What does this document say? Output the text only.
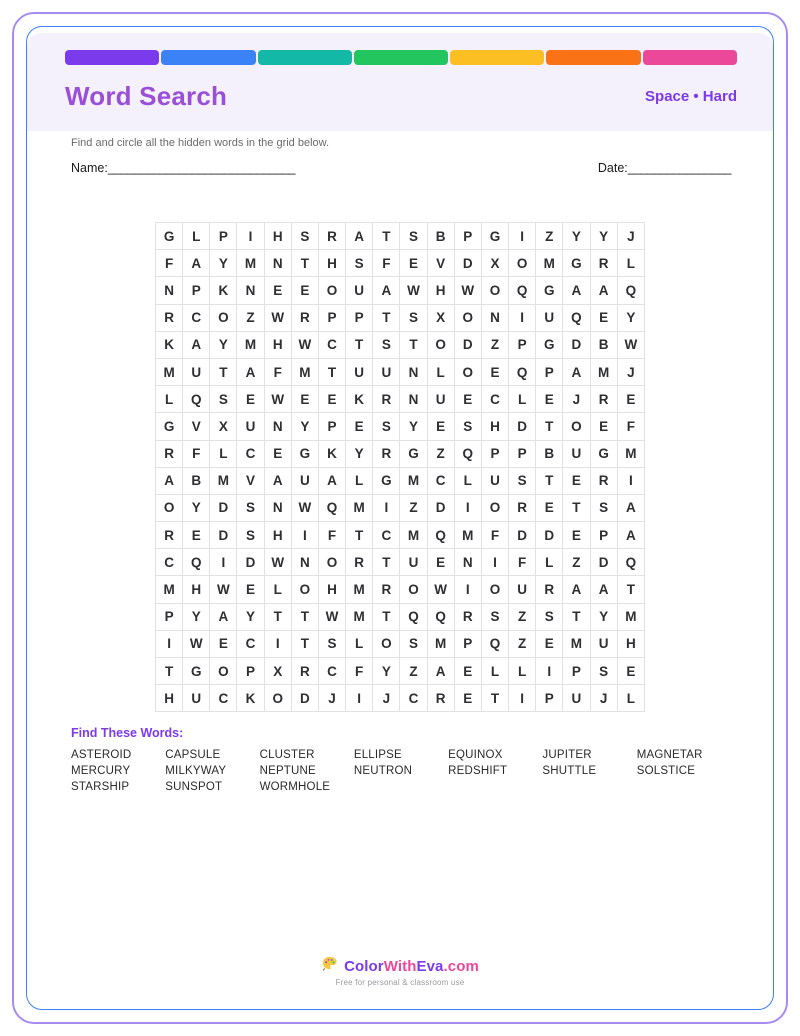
Word Search	Space • Hard
Find and circle all the hidden words in the grid below.
Name:_____________________________	Date:________________
G	L	P	I	H	S	R	A	T	S	B	P	G	I	Z	Y	Y	J
F	A	Y	M	N	T	H	S	F	E	V	D	X	O	M	G	R	L
N	P	K	N	E	E	O	U	A	W	H	W	O	Q	G	A	A	Q
R	C	O	Z	W	R	P	P	T	S	X	O	N	I	U	Q	E	Y
K	A	Y	M	H	W	C	T	S	T	O	D	Z	P	G	D	B	W
M	U	T	A	F	M	T	U	U	N	L	O	E	Q	P	A	M	J
L	Q	S	E	W	E	E	K	R	N	U	E	C	L	E	J	R	E
G	V	X	U	N	Y	P	E	S	Y	E	S	H	D	T	O	E	F
R	F	L	C	E	G	K	Y	R	G	Z	Q	P	P	B	U	G	M
A	B	M	V	A	U	A	L	G	M	C	L	U	S	T	E	R	I
O	Y	D	S	N	W	Q	M	I	Z	D	I	O	R	E	T	S	A
R	E	D	S	H	I	F	T	C	M	Q	M	F	D	D	E	P	A
C	Q	I	D	W	N	O	R	T	U	E	N	I	F	L	Z	D	Q
M	H	W	E	L	O	H	M	R	O	W	I	O	U	R	A	A	T
P	Y	A	Y	T	T	W	M	T	Q	Q	R	S	Z	S	T	Y	M
I	W	E	C	I	T	S	L	O	S	M	P	Q	Z	E	M	U	H
T	G	O	P	X	R	C	F	Y	Z	A	E	L	L	I	P	S	E
H	U	C	K	O	D	J	I	J	C	R	E	T	I	P	U	J	L
Find These Words:
ASTEROID	CAPSULE	CLUSTER	ELLIPSE	EQUINOX	JUPITER	MAGNETAR
MERCURY	MILKYWAY	NEPTUNE	NEUTRON	REDSHIFT	SHUTTLE	SOLSTICE
STARSHIP	SUNSPOT	WORMHOLE
ColorWithEva.com
Free for personal & classroom use
